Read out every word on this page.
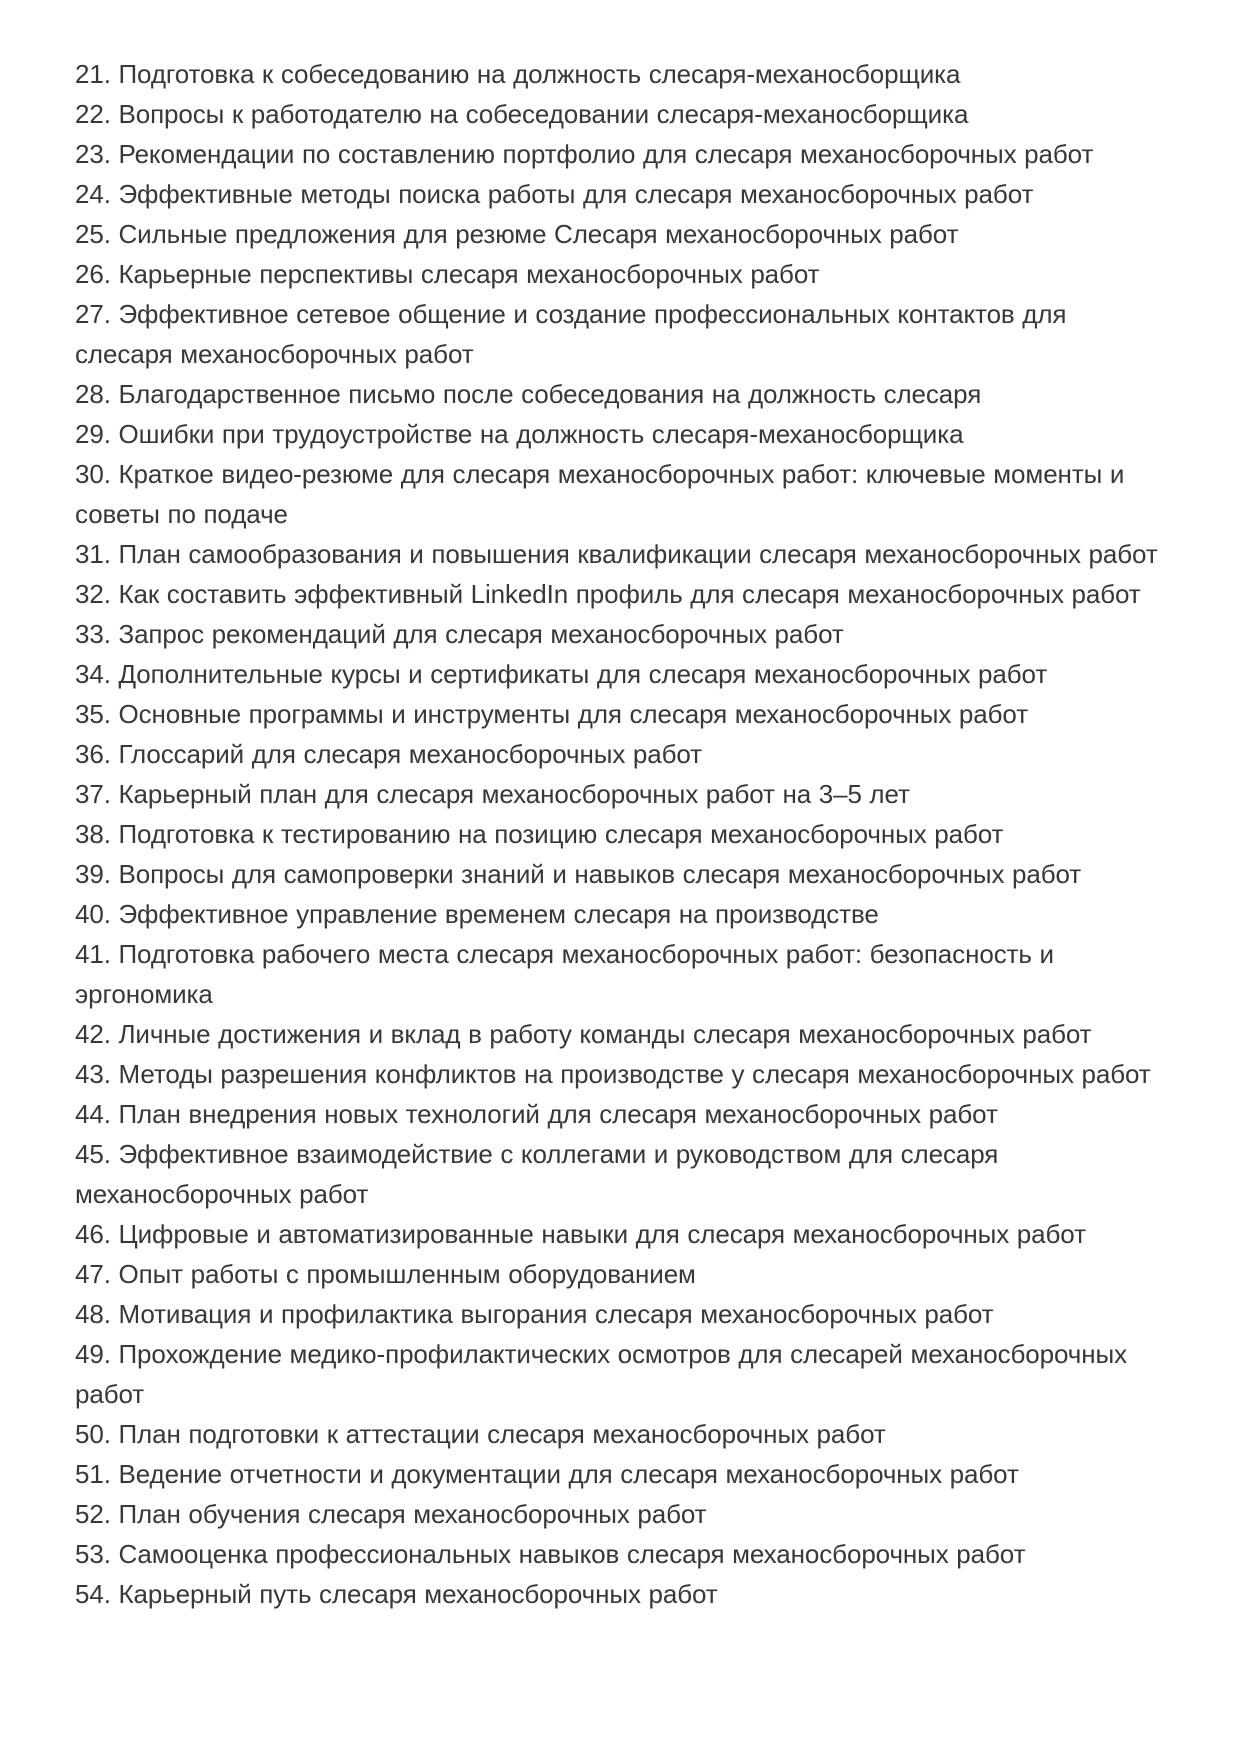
21. Подготовка к собеседованию на должность слесаря-механосборщика

22. Вопросы к работодателю на собеседовании слесаря-механосборщика

23. Рекомендации по составлению портфолио для слесаря механосборочных работ

24. Эффективные методы поиска работы для слесаря механосборочных работ

25. Сильные предложения для резюме Слесаря механосборочных работ

26. Карьерные перспективы слесаря механосборочных работ

27. Эффективное сетевое общение и создание профессиональных контактов для слесаря механосборочных работ

28. Благодарственное письмо после собеседования на должность слесаря

29. Ошибки при трудоустройстве на должность слесаря-механосборщика

30. Краткое видео-резюме для слесаря механосборочных работ: ключевые моменты и советы по подаче

31. План самообразования и повышения квалификации слесаря механосборочных работ

32. Как составить эффективный LinkedIn профиль для слесаря механосборочных работ

33. Запрос рекомендаций для слесаря механосборочных работ

34. Дополнительные курсы и сертификаты для слесаря механосборочных работ

35. Основные программы и инструменты для слесаря механосборочных работ

36. Глоссарий для слесаря механосборочных работ

37. Карьерный план для слесаря механосборочных работ на 3–5 лет

38. Подготовка к тестированию на позицию слесаря механосборочных работ

39. Вопросы для самопроверки знаний и навыков слесаря механосборочных работ

40. Эффективное управление временем слесаря на производстве

41. Подготовка рабочего места слесаря механосборочных работ: безопасность и эргономика

42. Личные достижения и вклад в работу команды слесаря механосборочных работ

43. Методы разрешения конфликтов на производстве у слесаря механосборочных работ

44. План внедрения новых технологий для слесаря механосборочных работ

45. Эффективное взаимодействие с коллегами и руководством для слесаря механосборочных работ

46. Цифровые и автоматизированные навыки для слесаря механосборочных работ

47. Опыт работы с промышленным оборудованием

48. Мотивация и профилактика выгорания слесаря механосборочных работ

49. Прохождение медико-профилактических осмотров для слесарей механосборочных работ

50. План подготовки к аттестации слесаря механосборочных работ

51. Ведение отчетности и документации для слесаря механосборочных работ

52. План обучения слесаря механосборочных работ

53. Самооценка профессиональных навыков слесаря механосборочных работ

54. Карьерный путь слесаря механосборочных работ
